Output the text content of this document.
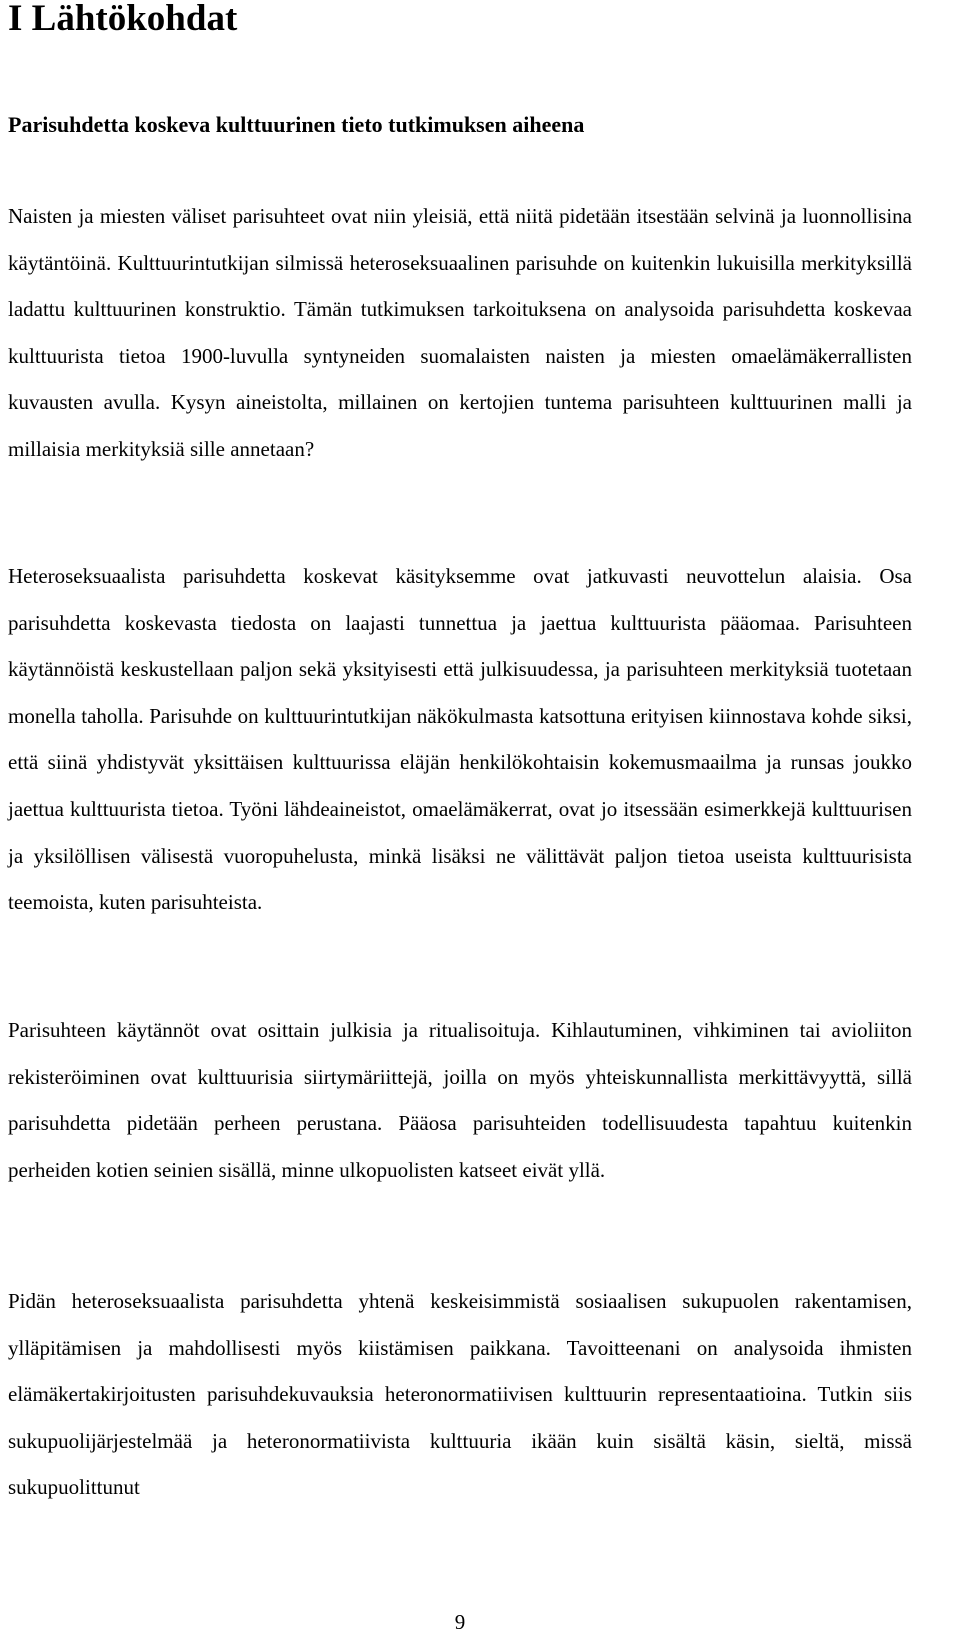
I Lähtökohdat
Parisuhdetta koskeva kulttuurinen tieto tutkimuksen aiheena

Naisten ja miesten väliset parisuhteet ovat niin yleisiä, että niitä pidetään itsestään selvinä ja luonnollisina käytäntöinä. Kulttuurintutkijan silmissä heteroseksuaalinen parisuhde on kuitenkin lukuisilla merkityksillä ladattu kulttuurinen konstruktio. Tämän tutkimuksen tarkoituksena on analysoida parisuhdetta koskevaa kulttuurista tietoa 1900-luvulla syntyneiden suomalaisten naisten ja miesten omaelämäkerrallisten kuvausten avulla. Kysyn aineistolta, millainen on kertojien tuntema parisuhteen kulttuurinen malli ja millaisia merkityksiä sille annetaan?

Heteroseksuaalista parisuhdetta koskevat käsityksemme ovat jatkuvasti neuvottelun alaisia. Osa parisuhdetta koskevasta tiedosta on laajasti tunnettua ja jaettua kulttuurista pääomaa. Parisuhteen käytännöistä keskustellaan paljon sekä yksityisesti että julkisuudessa, ja parisuhteen merkityksiä tuotetaan monella taholla. Parisuhde on kulttuurintutkijan näkökulmasta katsottuna erityisen kiinnostava kohde siksi, että siinä yhdistyvät yksittäisen kulttuurissa eläjän henkilökohtaisin kokemusmaailma ja runsas joukko jaettua kulttuurista tietoa. Työni lähdeaineistot, omaelämäkerrat, ovat jo itsessään esimerkkejä kulttuurisen ja yksilöllisen välisestä vuoropuhelusta, minkä lisäksi ne välittävät paljon tietoa useista kulttuurisista teemoista, kuten parisuhteista.

Parisuhteen käytännöt ovat osittain julkisia ja ritualisoituja. Kihlautuminen, vihkiminen tai avioliiton rekisteröiminen ovat kulttuurisia siirtymäriittejä, joilla on myös yhteiskunnallista merkittävyyttä, sillä parisuhdetta pidetään perheen perustana. Pääosa parisuhteiden todellisuudesta tapahtuu kuitenkin perheiden kotien seinien sisällä, minne ulkopuolisten katseet eivät yllä.

Pidän heteroseksuaalista parisuhdetta yhtenä keskeisimmistä sosiaalisen sukupuolen rakentamisen, ylläpitämisen ja mahdollisesti myös kiistämisen paikkana. Tavoitteenani on analysoida ihmisten elämäkertakirjoitusten parisuhdekuvauksia heteronormatiivisen kulttuurin representaatioina. Tutkin siis sukupuolijärjestelmää ja heteronormatiivista kulttuuria ikään kuin sisältä käsin, sieltä, missä sukupuolittunut

9
